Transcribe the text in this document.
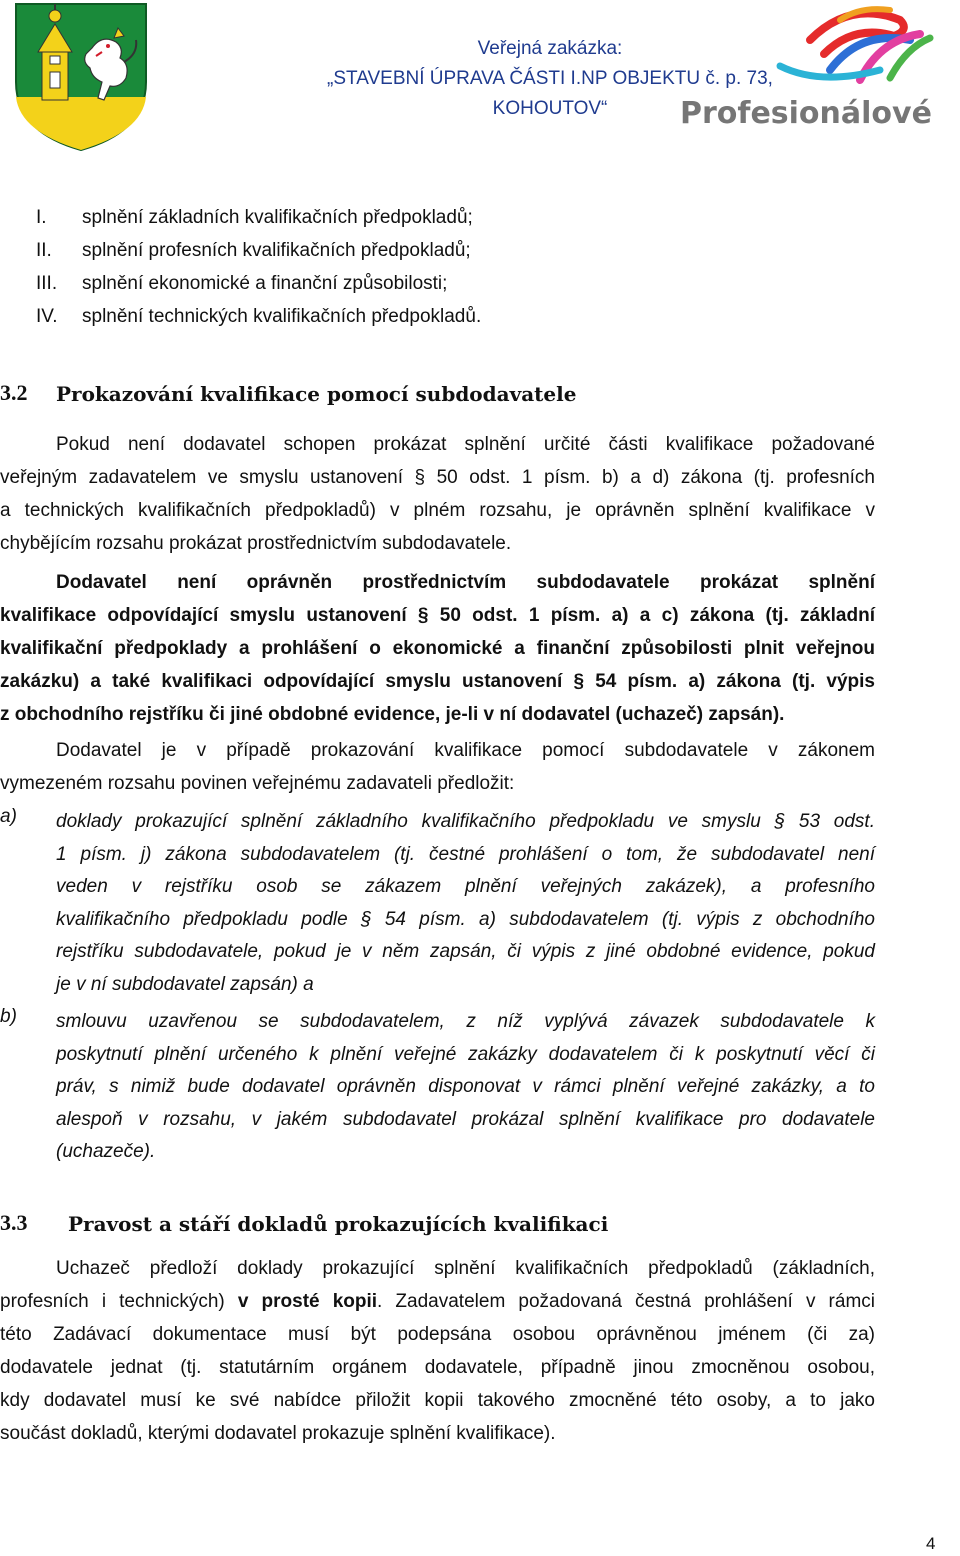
Veřejná zakázka:
„STAVEBNÍ ÚPRAVA ČÁSTI I.NP OBJEKTU č. p. 73, KOHOUTOV“	Profesionálové
I. splnění základních kvalifikačních předpokladů;
II. splnění profesních kvalifikačních předpokladů;
III. splnění ekonomické a finanční způsobilosti;
IV. splnění technických kvalifikačních předpokladů.
3.2 Prokazování kvalifikace pomocí subdodavatele
Pokud není dodavatel schopen prokázat splnění určité části kvalifikace požadované
veřejným zadavatelem ve smyslu ustanovení § 50 odst. 1 písm. b) a d) zákona (tj. profesních
a technických kvalifikačních předpokladů) v plném rozsahu, je oprávněn splnění kvalifikace v
chybějícím rozsahu prokázat prostřednictvím subdodavatele.
Dodavatel není oprávněn prostřednictvím subdodavatele prokázat splnění
kvalifikace odpovídající smyslu ustanovení § 50 odst. 1 písm. a) a c) zákona (tj. základní
kvalifikační předpoklady a prohlášení o ekonomické a finanční způsobilosti plnit veřejnou
zakázku) a také kvalifikaci odpovídající smyslu ustanovení § 54 písm. a) zákona (tj. výpis
z obchodního rejstříku či jiné obdobné evidence, je-li v ní dodavatel (uchazeč) zapsán).
Dodavatel je v případě prokazování kvalifikace pomocí subdodavatele v zákonem
vymezeném rozsahu povinen veřejnému zadavateli předložit:
a) doklady prokazující splnění základního kvalifikačního předpokladu ve smyslu § 53 odst.
1 písm. j) zákona subdodavatelem (tj. čestné prohlášení o tom, že subdodavatel není
veden v rejstříku osob se zákazem plnění veřejných zakázek), a profesního
kvalifikačního předpokladu podle § 54 písm. a) subdodavatelem (tj. výpis z obchodního
rejstříku subdodavatele, pokud je v něm zapsán, či výpis z jiné obdobné evidence, pokud
je v ní subdodavatel zapsán) a
b) smlouvu uzavřenou se subdodavatelem, z níž vyplývá závazek subdodavatele k
poskytnutí plnění určeného k plnění veřejné zakázky dodavatelem či k poskytnutí věcí či
práv, s nimiž bude dodavatel oprávněn disponovat v rámci plnění veřejné zakázky, a to
alespoň v rozsahu, v jakém subdodavatel prokázal splnění kvalifikace pro dodavatele
(uchazeče).
3.3 Pravost a stáří dokladů prokazujících kvalifikaci
Uchazeč předloží doklady prokazující splnění kvalifikačních předpokladů (základních,
profesních i technických) v prosté kopii. Zadavatelem požadovaná čestná prohlášení v rámci
této Zadávací dokumentace musí být podepsána osobou oprávněnou jménem (či za)
dodavatele jednat (tj. statutárním orgánem dodavatele, případně jinou zmocněnou osobou,
kdy dodavatel musí ke své nabídce přiložit kopii takového zmocněné této osoby, a to jako
součást dokladů, kterými dodavatel prokazuje splnění kvalifikace).
4
